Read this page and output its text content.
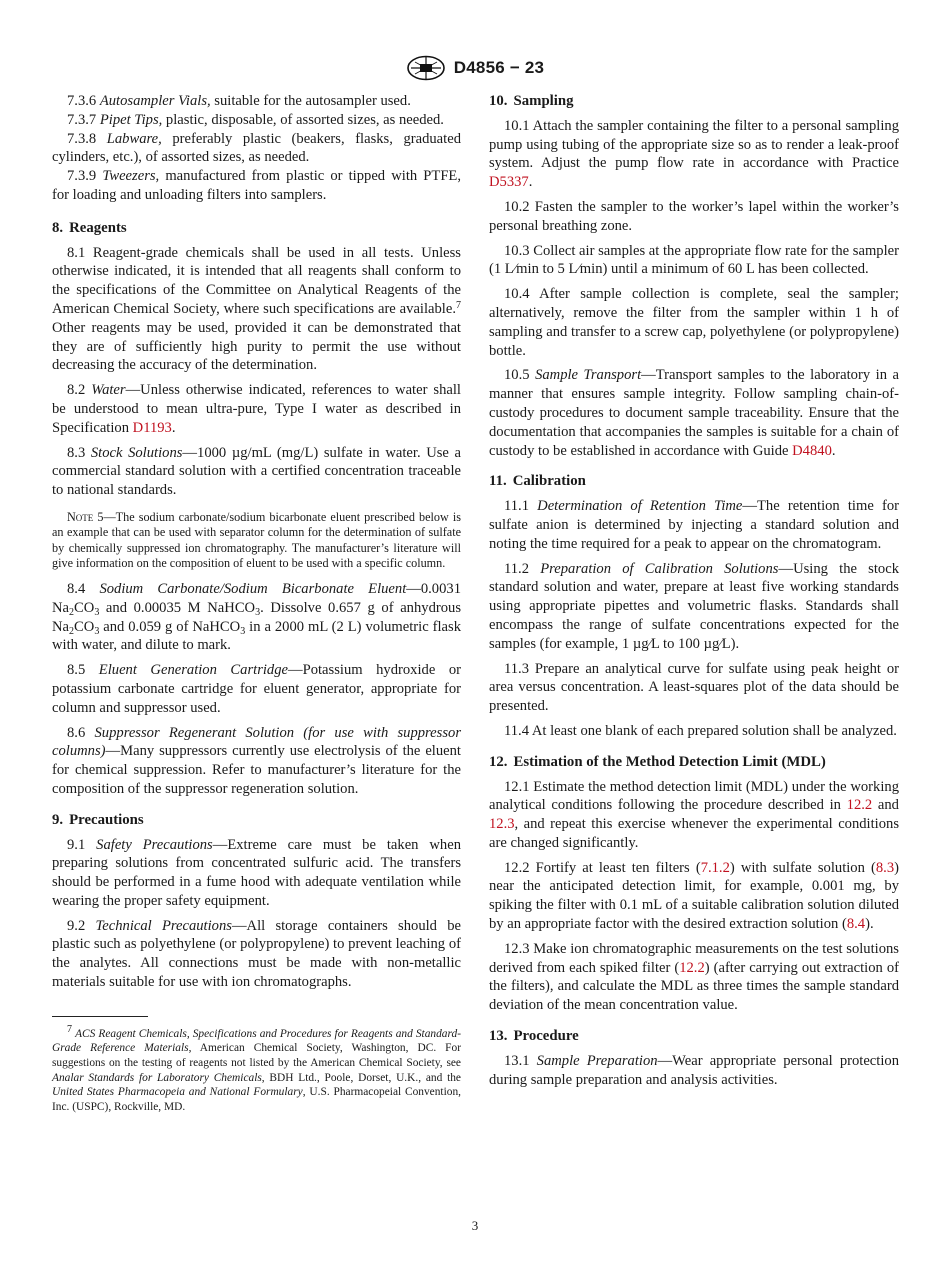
D4856 − 23

7.3.6 Autosampler Vials, suitable for the autosampler used.

7.3.7 Pipet Tips, plastic, disposable, of assorted sizes, as needed.

7.3.8 Labware, preferably plastic (beakers, flasks, graduated cylinders, etc.), of assorted sizes, as needed.

7.3.9 Tweezers, manufactured from plastic or tipped with PTFE, for loading and unloading filters into samplers.

8. Reagents

8.1 Reagent-grade chemicals shall be used in all tests. Unless otherwise indicated, it is intended that all reagents shall conform to the specifications of the Committee on Analytical Reagents of the American Chemical Society, where such specifications are available.$^7$ Other reagents may be used, provided it can be demonstrated that they are of sufficiently high purity to permit the use without decreasing the accuracy of the determination.

8.2 Water—Unless otherwise indicated, references to water shall be understood to mean ultra-pure, Type I water as described in Specification D1193.

8.3 Stock Solutions—1000 µg/mL (mg/L) sulfate in water. Use a commercial standard solution with a certified concentration traceable to national standards.

Note 5—The sodium carbonate/sodium bicarbonate eluent prescribed below is an example that can be used with separator column for the determination of sulfate by chemically suppressed ion chromatography. The manufacturer’s literature will give information on the composition of eluent to be used with a specific column.

8.4 Sodium Carbonate/Sodium Bicarbonate Eluent—0.0031 $Na_2CO_3$ and 0.00035 M NaHCO$_3$. Dissolve 0.657 g of anhydrous $Na_2CO_3$ and 0.059 g of NaHCO$_3$ in a 2000 mL (2 L) volumetric flask with water, and dilute to mark.

8.5 Eluent Generation Cartridge—Potassium hydroxide or potassium carbonate cartridge for eluent generator, appropriate for column and suppressor used.

8.6 Suppressor Regenerant Solution (for use with suppressor columns)—Many suppressors currently use electrolysis of the eluent for chemical suppression. Refer to manufacturer’s literature for the composition of the suppressor regeneration solution.

9. Precautions

9.1 Safety Precautions—Extreme care must be taken when preparing solutions from concentrated sulfuric acid. The transfers should be performed in a fume hood with adequate ventilation while wearing the proper safety equipment.

9.2 Technical Precautions—All storage containers should be plastic such as polyethylene (or polypropylene) to prevent leaching of the analytes. All connections must be made with non-metallic materials suitable for use with ion chromatographs.

$^7$ ACS Reagent Chemicals, Specifications and Procedures for Reagents and Standard-Grade Reference Materials, American Chemical Society, Washington, DC. For suggestions on the testing of reagents not listed by the American Chemical Society, see Analar Standards for Laboratory Chemicals, BDH Ltd., Poole, Dorset, U.K., and the United States Pharmacopeia and National Formulary, U.S. Pharmacopeial Convention, Inc. (USPC), Rockville, MD.

10. Sampling

10.1 Attach the sampler containing the filter to a personal sampling pump using tubing of the appropriate size so as to render a leak-proof system. Adjust the pump flow rate in accordance with Practice D5337.

10.2 Fasten the sampler to the worker’s lapel within the worker’s personal breathing zone.

10.3 Collect air samples at the appropriate flow rate for the sampler (1 L⁄min to 5 L⁄min) until a minimum of 60 L has been collected.

10.4 After sample collection is complete, seal the sampler; alternatively, remove the filter from the sampler within 1 h of sampling and transfer to a screw cap, polyethylene (or polypropylene) bottle.

10.5 Sample Transport—Transport samples to the laboratory in a manner that ensures sample integrity. Follow sampling chain-of-custody procedures to document sample traceability. Ensure that the documentation that accompanies the samples is suitable for a chain of custody to be established in accordance with Guide D4840.

11. Calibration

11.1 Determination of Retention Time—The retention time for sulfate anion is determined by injecting a standard solution and noting the time required for a peak to appear on the chromatogram.

11.2 Preparation of Calibration Solutions—Using the stock standard solution and water, prepare at least five working standards using appropriate pipettes and volumetric flasks. Standards shall encompass the range of sulfate concentrations expected for the samples (for example, 1 µg⁄L to 100 µg⁄L).

11.3 Prepare an analytical curve for sulfate using peak height or area versus concentration. A least-squares plot of the data should be presented.

11.4 At least one blank of each prepared solution shall be analyzed.

12. Estimation of the Method Detection Limit (MDL)

12.1 Estimate the method detection limit (MDL) under the working analytical conditions following the procedure described in 12.2 and 12.3, and repeat this exercise whenever the experimental conditions are changed significantly.

12.2 Fortify at least ten filters (7.1.2) with sulfate solution (8.3) near the anticipated detection limit, for example, 0.001 mg, by spiking the filter with 0.1 mL of a suitable calibration solution diluted by an appropriate factor with the desired extraction solution (8.4).

12.3 Make ion chromatographic measurements on the test solutions derived from each spiked filter (12.2) (after carrying out extraction of the filters), and calculate the MDL as three times the sample standard deviation of the mean concentration value.

13. Procedure

13.1 Sample Preparation—Wear appropriate personal protection during sample preparation and analysis activities.

3
